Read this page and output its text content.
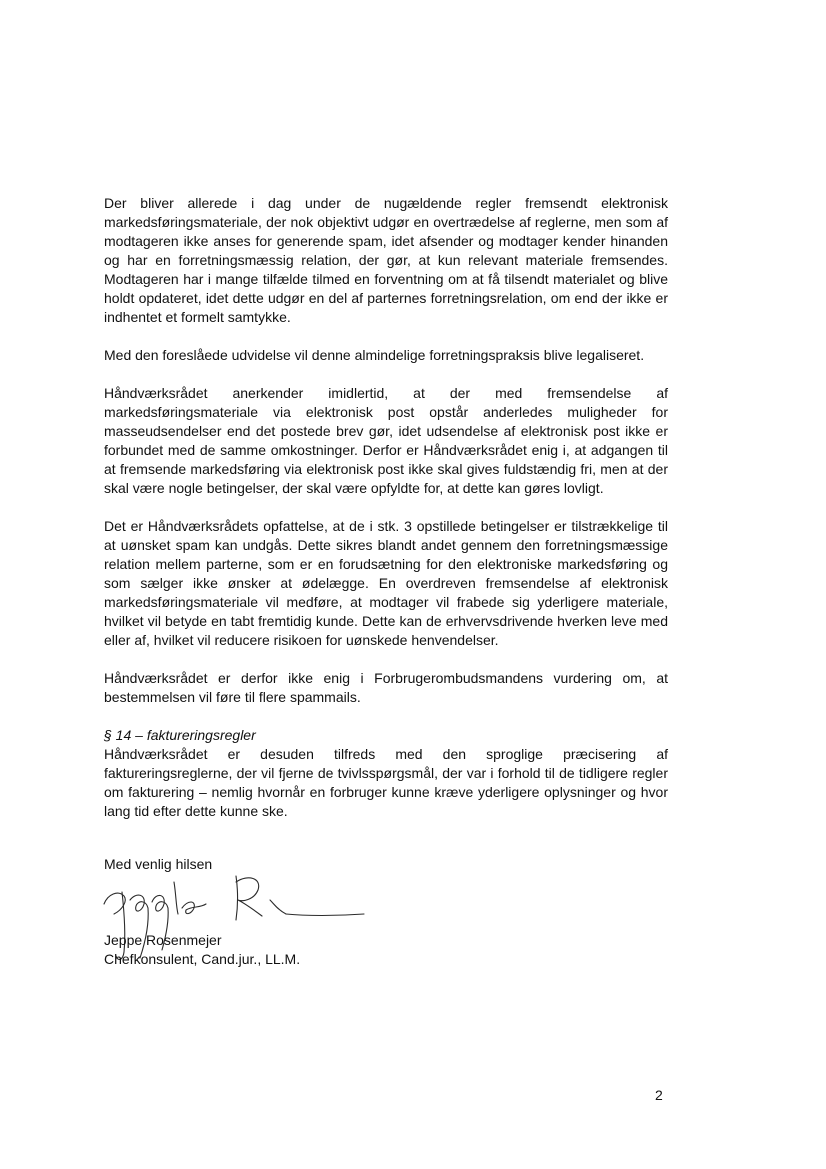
Der bliver allerede i dag under de nugældende regler fremsendt elektronisk markedsføringsmateriale, der nok objektivt udgør en overtrædelse af reglerne, men som af modtageren ikke anses for generende spam, idet afsender og modtager kender hinanden og har en forretningsmæssig relation, der gør, at kun relevant materiale fremsendes. Modtageren har i mange tilfælde tilmed en forventning om at få tilsendt materialet og blive holdt opdateret, idet dette udgør en del af parternes forretningsrelation, om end der ikke er indhentet et formelt samtykke.

Med den foreslåede udvidelse vil denne almindelige forretningspraksis blive legaliseret.

Håndværksrådet anerkender imidlertid, at der med fremsendelse af markedsføringsmateriale via elektronisk post opstår anderledes muligheder for masseudsendelser end det postede brev gør, idet udsendelse af elektronisk post ikke er forbundet med de samme omkostninger. Derfor er Håndværksrådet enig i, at adgangen til at fremsende markedsføring via elektronisk post ikke skal gives fuldstændig fri, men at der skal være nogle betingelser, der skal være opfyldte for, at dette kan gøres lovligt.

Det er Håndværksrådets opfattelse, at de i stk. 3 opstillede betingelser er tilstrækkelige til at uønsket spam kan undgås. Dette sikres blandt andet gennem den forretningsmæssige relation mellem parterne, som er en forudsætning for den elektroniske markedsføring og som sælger ikke ønsker at ødelægge. En overdreven fremsendelse af elektronisk markedsføringsmateriale vil medføre, at modtager vil frabede sig yderligere materiale, hvilket vil betyde en tabt fremtidig kunde. Dette kan de erhvervsdrivende hverken leve med eller af, hvilket vil reducere risikoen for uønskede henvendelser.

Håndværksrådet er derfor ikke enig i Forbrugerombudsmandens vurdering om, at bestemmelsen vil føre til flere spammails.

§ 14 – faktureringsregler

Håndværksrådet er desuden tilfreds med den sproglige præcisering af faktureringsreglerne, der vil fjerne de tvivlsspørgsmål, der var i forhold til de tidligere regler om fakturering – nemlig hvornår en forbruger kunne kræve yderligere oplysninger og hvor lang tid efter dette kunne ske.

Med venlig hilsen
Jeppe Rosenmejer
Chefkonsulent, Cand.jur., LL.M.
2
